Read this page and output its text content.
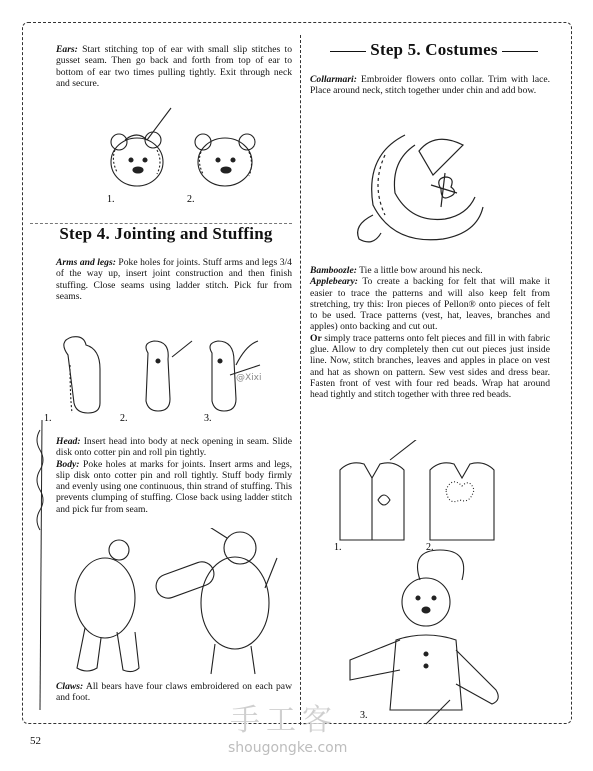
Ears: Start stitching top of ear with small slip stitches to gusset seam. Then go back and forth from top of ear to bottom of ear two times pulling tightly. Exit through neck and secure.

1.	2.
Step 4. Jointing and Stuffing

Arms and legs: Poke holes for joints. Stuff arms and legs 3/4 of the way up, insert joint construction and then finish stuffing. Close seams using ladder stitch. Pick fur from seams.

1.	2.	3.

Head: Insert head into body at neck opening in seam. Slide disk onto cotter pin and roll pin tightly.

Body: Poke holes at marks for joints. Insert arms and legs, slip disk onto cotter pin and roll tightly. Stuff body firmly and evenly using one continuous, thin strand of stuffing. This prevents clumping of stuffing. Close back using ladder stitch and pick fur from seam.

Claws: All bears have four claws embroidered on each paw and foot.

Step 5. Costumes

Collarmari: Embroider flowers onto collar. Trim with lace. Place around neck, stitch together under chin and add bow.

Bamboozle: Tie a little bow around his neck.

Applebeary: To create a backing for felt that will make it easier to trace the patterns and will also keep felt from stretching, try this: Iron pieces of Pellon® onto pieces of felt to be used. Trace patterns (vest, hat, leaves, branches and apples) onto backing and cut out.

Or simply trace patterns onto felt pieces and fill in with fabric glue. Allow to dry completely then cut out pieces just inside line. Now, stitch branches, leaves and apples in place on vest and hat as shown on pattern. Sew vest sides and dress bear. Fasten front of vest with four red beads. Wrap hat around head tightly and stitch together with three red beads.

1.	2.
3.
52
@Xixi
手工客
shougongke.com
